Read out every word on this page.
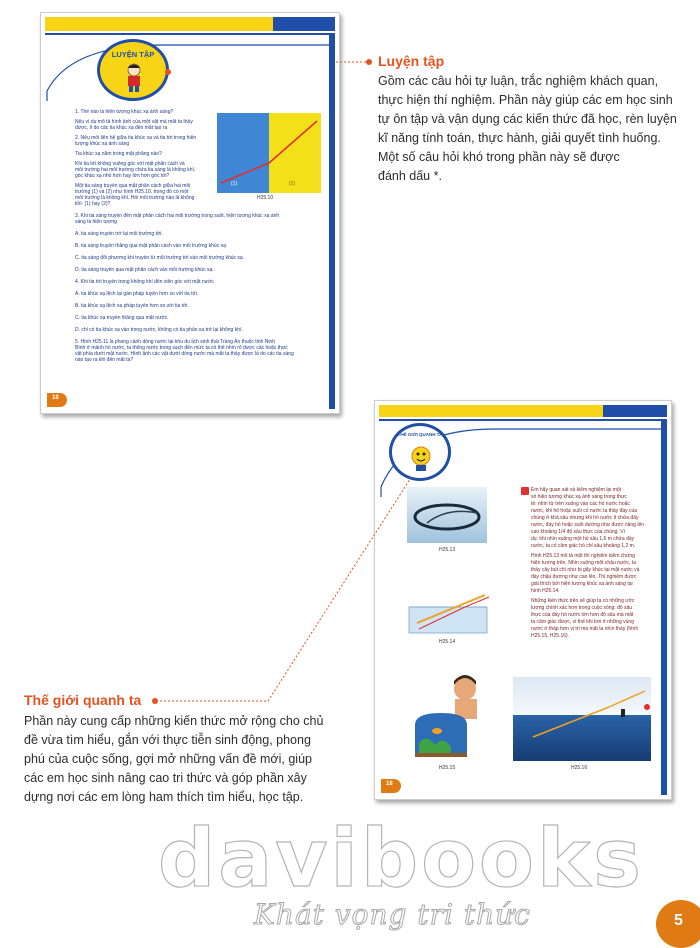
LUYỆN TẬP
1. Thế nào là hiện tượng khúc xạ ánh sáng?
Nêu ví dụ mô tả hình ảnh của một vật mà mắt ta thấy
được, lí do các tia khúc xạ đến mắt tạo ra
2. Nêu mối liên hệ giữa tia khúc xạ và tia tới trong hiện
tượng khúc xạ ánh sáng
Tia khúc xạ nằm trong mặt phẳng nào?
Khi tia tới không vuông góc với mặt phân cách và
môi trường hai môi trường chứa tia sáng là không khí,
góc khúc xạ nhỏ hơn hay lớn hơn góc tới?
Một tia sáng truyền qua mặt phân cách giữa hai môi
trường (1) và (2) như hình H25.10, trong đó có một
môi trường là không khí. Hỏi môi trường nào là không
khí: (1) hay (2)?
3. Khi tia sáng truyền đến mặt phân cách hai môi trường trong suốt, hiện tượng khúc xạ ánh
sáng là hiện tượng
A. tia sáng truyền trở lại môi trường tới.
B. tia sáng truyền thẳng qua mặt phân cách vào môi trường khúc xạ.
C. tia sáng đổi phương khi truyền từ môi trường tới vào môi trường khúc xạ.
D. tia sáng truyền qua mặt phân cách vào môi trường khúc xạ.
4. Khi tia tới truyền trong không khí đến xiên góc với mặt nước
A. tia khúc xạ lệch lại gần pháp tuyến hơn so với tia tới.
B. tia khúc xạ lệch xa pháp tuyến hơn so với tia tới.
C. tia khúc xạ truyền thẳng qua mặt nước.
D. chỉ có tia khúc xạ vào trong nước, không có tia phản xạ trở lại không khí.
5. Hình H25.11 là phong cảnh dòng nước tại khu du lịch sinh thái Tràng An thuộc tỉnh Ninh
Bình ở mảnh hồ nước, ta thông nước trong sạch đến mức ta có thể nhìn rõ được các hoặc thực
vật phía dưới mặt nước. Hình ảnh các vật dưới dòng nước mà mắt ta thấy được là do các tia sáng
nào tạo ra khi đến mắt ta?
(1)	(2)
H25.10
18
Luyện tập
Gồm các câu hỏi tự luận, trắc nghiệm khách quan,
thực hiện thí nghiệm. Phần này giúp các em học sinh
tự ôn tập và vận dụng các kiến thức đã học, rèn luyện
kĩ năng tính toán, thực hành, giải quyết tình huống.
Một số câu hỏi khó trong phần này sẽ được
đánh dấu *.
THẾ GIỚI QUANH TA
H25.13
H25.14
H25.15	H25.16
Em hãy quan sát và kiểm nghiệm lại một
số hiện tượng khúc xạ ánh sáng trong thực
tế: nhìn từ trên xuống vào các hồ nước hoặc
nước, khi hồ hoặc suối có nước ta thấy đáy của
chúng ở khá sâu nhưng khi hồ nước ít chứa đầy
nước, đáy hồ hoặc suối dường như được nâng lên
cao khoảng 1/4 độ sâu thực của chúng. Ví
dụ: khi nhìn xuống một hồ sâu 1,6 m chứa đầy
nước, ta có cảm giác hồ chỉ sâu khoảng 1,2 m.
Hình H25.13 mô tả một thí nghiệm kiểm chứng
hiện tượng trên. Nhìn xuống một chậu nước, ta
thấy cây bút chì như bị gãy khúc tại mặt nước và
đáy chậu dường như cao lên. Thí nghiệm được
giải thích bởi hiện tượng khúc xạ ánh sáng tại
hình H25.14.
Những kiến thức trên sẽ giúp ta có những ước
lượng chính xác hơn trong cuộc sống: độ sâu
thực của đáy hồ nước lớn hơn độ sâu mà mắt
ta cảm giác được, vì thế khi bơi ở những vùng
nước ở thấp hơn vị trí mà mắt ta nhìn thấy (hình
H25.15, H25.16).
18
Thế giới quanh ta
Phần này cung cấp những kiến thức mở rộng cho chủ
đề vừa tìm hiểu, gắn với thực tiễn sinh động, phong
phú của cuộc sống, gợi mở những vấn đề mới, giúp
các em học sinh nâng cao tri thức và góp phần xây
dựng nơi các em lòng ham thích tìm hiểu, học tập.
davibooks
Khát vọng tri thức	5
